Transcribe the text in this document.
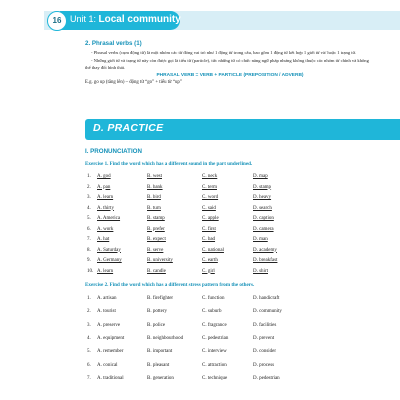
16 Unit 1: Local community
2. Phrasal verbs (1)

- Phrasal verbs (cụm động từ) là một nhóm các từ đóng vai trò như 1 động từ trong câu, bao gồm 1 động từ kết hợp 1 giới từ và/ hoặc 1 trạng từ.

- Những giới từ và trạng từ này còn được gọi là tiểu từ (particle), tức những từ có chức năng ngữ pháp nhưng không thuộc các nhóm từ chính và không thể thay đổi hình thái.

PHRASAL VERB = VERB + PARTICLE (PREPOSITION / ADVERB)

E.g. go up (tăng lên) – động từ “go” + tiểu từ “up”

D. PRACTICE
I. PRONUNCIATION
Exercise 1. Find the word which has a different sound in the part underlined.
1. A. god	B. west	C. neck	D. map
2. A. pan	B. bank	C. term	D. stamp
3. A. learn	B. bird	C. word	D. heavy
4. A. thirty	B. turn	C. said	D. search
5. A. America	B. stamp	C. apple	D. caption
6. A. work	B. prefer	C. first	D. camera
7. A. hat	B. expect	C. bad	D. man
8. A. Saturday	B. serve	C. national	D. academy
9. A. Germany	B. university	C. earth	D. breakfast
10. A. learn	B. candle	C. girl	D. shirt
Exercise 2. Find the word which has a different stress pattern from the others.
1. A. artisan	B. firefighter	C. function	D. handicraft
2. A. tourist	B. pottery	C. suburb	D. community
3. A. preserve	B. police	C. fragrance	D. facilities
4. A. equipment	B. neighbourhood	C. pedestrian	D. prevent
5. A. remember	B. important	C. interview	D. consider
6. A. conical	B. pleasant	C. attraction	D. process
7. A. traditional	B. generation	C. technique	D. pedestrian
